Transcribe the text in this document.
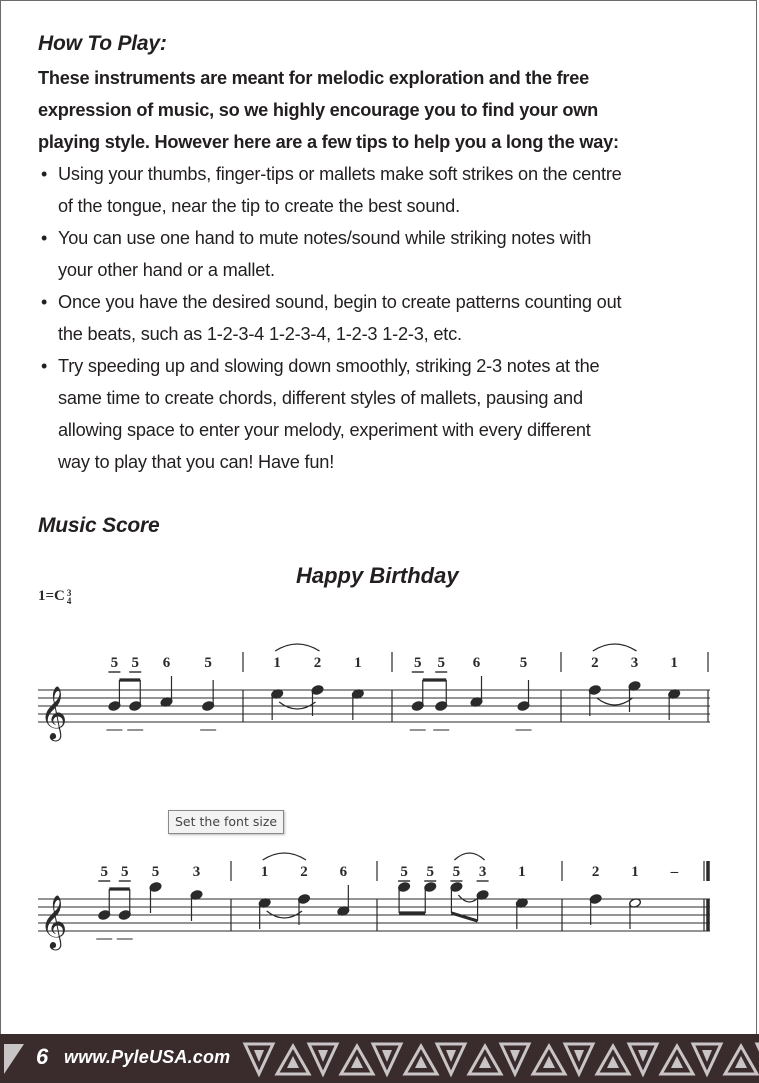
How To Play:
These instruments are meant for melodic exploration and the free
expression of music, so we highly encourage you to find your own
playing style. However here are a few tips to help you a long the way:
• Using your thumbs, finger-tips or mallets make soft strikes on the centre
of the tongue, near the tip to create the best sound.
• You can use one hand to mute notes/sound while striking notes with
your other hand or a mallet.
• Once you have the desired sound, begin to create patterns counting out
the beats, such as 1-2-3-4 1-2-3-4, 1-2-3 1-2-3, etc.
• Try speeding up and slowing down smoothly, striking 2-3 notes at the
same time to create chords, different styles of mallets, pausing and
allowing space to enter your melody, experiment with every different
way to play that you can! Have fun!
Music Score
Happy Birthday
1=C 3
4
𝄞
5 5 6 5	1 2 1	5 5 6	5	2 3 1
𝄞
5 5 5 3	1 2 6	5 5 5 3 1	2 1 –
Set the font size
6 www.PyleUSA.com
